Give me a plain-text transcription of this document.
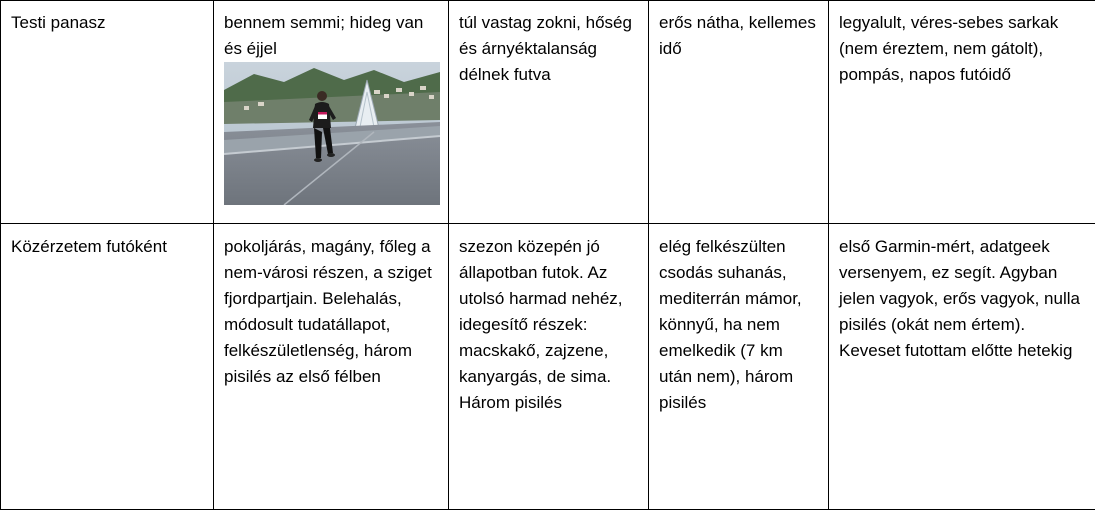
Testi panasz	bennem semmi; hideg van és éjjel	túl vastag zokni, hőség és árnyéktalanság délnek futva	erős nátha, kellemes idő	legyalult, véres-sebes sarkak (nem éreztem, nem gátolt), pompás, napos futóidő

Közérzetem futóként	pokoljárás, magány, főleg a nem-városi részen, a sziget fjordpartjain. Belehalás, módosult tudatállapot, felkészületlenség, három pisilés az első félben	szezon közepén jó állapotban futok. Az utolsó harmad nehéz, idegesítő részek: macskakő, zajzene, kanyargás, de sima. Három pisilés	elég felkészülten csodás suhanás, mediterrán mámor, könnyű, ha nem emelkedik (7 km után nem), három pisilés	első Garmin-mért, adatgeek versenyem, ez segít. Agyban jelen vagyok, erős vagyok, nulla pisilés (okát nem értem). Keveset futottam előtte hetekig
